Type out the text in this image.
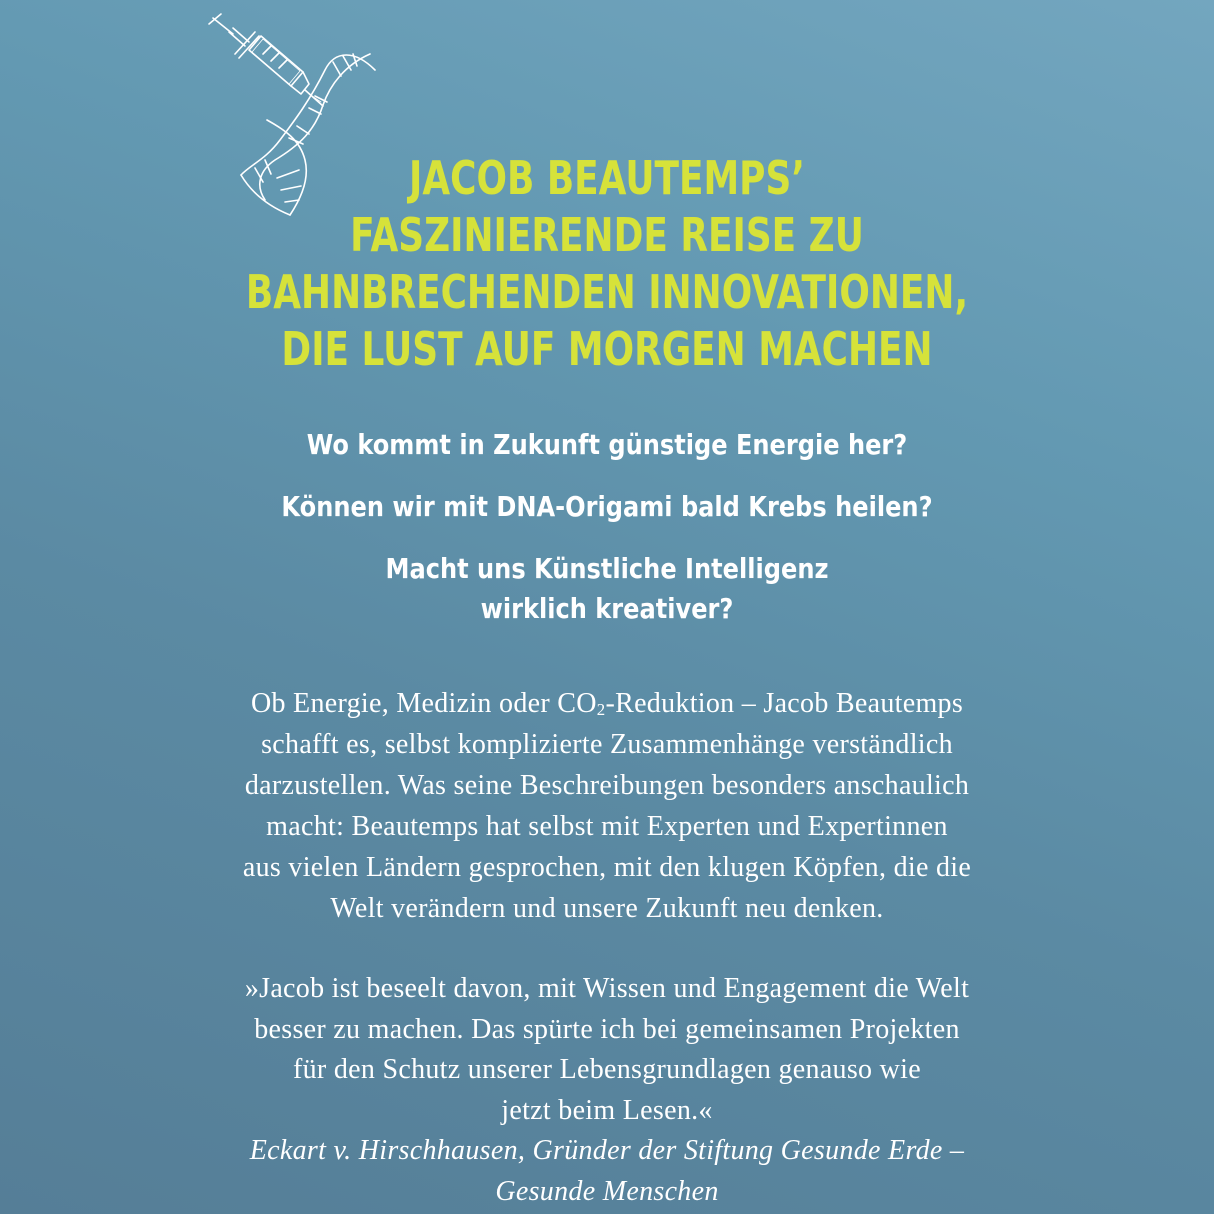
JACOB BEAUTEMPS’
FASZINIERENDE REISE ZU
BAHNBRECHENDEN INNOVATIONEN,
DIE LUST AUF MORGEN MACHEN
Wo kommt in Zukunft günstige Energie her?
Können wir mit DNA-Origami bald Krebs heilen?
Macht uns Künstliche Intelligenz
wirklich kreativer?
Ob Energie, Medizin oder $CO_2$-Reduktion – Jacob Beautemps
schafft es, selbst komplizierte Zusammenhänge verständlich
darzustellen. Was seine Beschreibungen besonders anschaulich
macht: Beautemps hat selbst mit Experten und Expertinnen
aus vielen Ländern gesprochen, mit den klugen Köpfen, die die
Welt verändern und unsere Zukunft neu denken.
»Jacob ist beseelt davon, mit Wissen und Engagement die Welt
besser zu machen. Das spürte ich bei gemeinsamen Projekten
für den Schutz unserer Lebensgrundlagen genauso wie
jetzt beim Lesen.«
Eckart v. Hirschhausen, Gründer der Stiftung Gesunde Erde –
Gesunde Menschen
